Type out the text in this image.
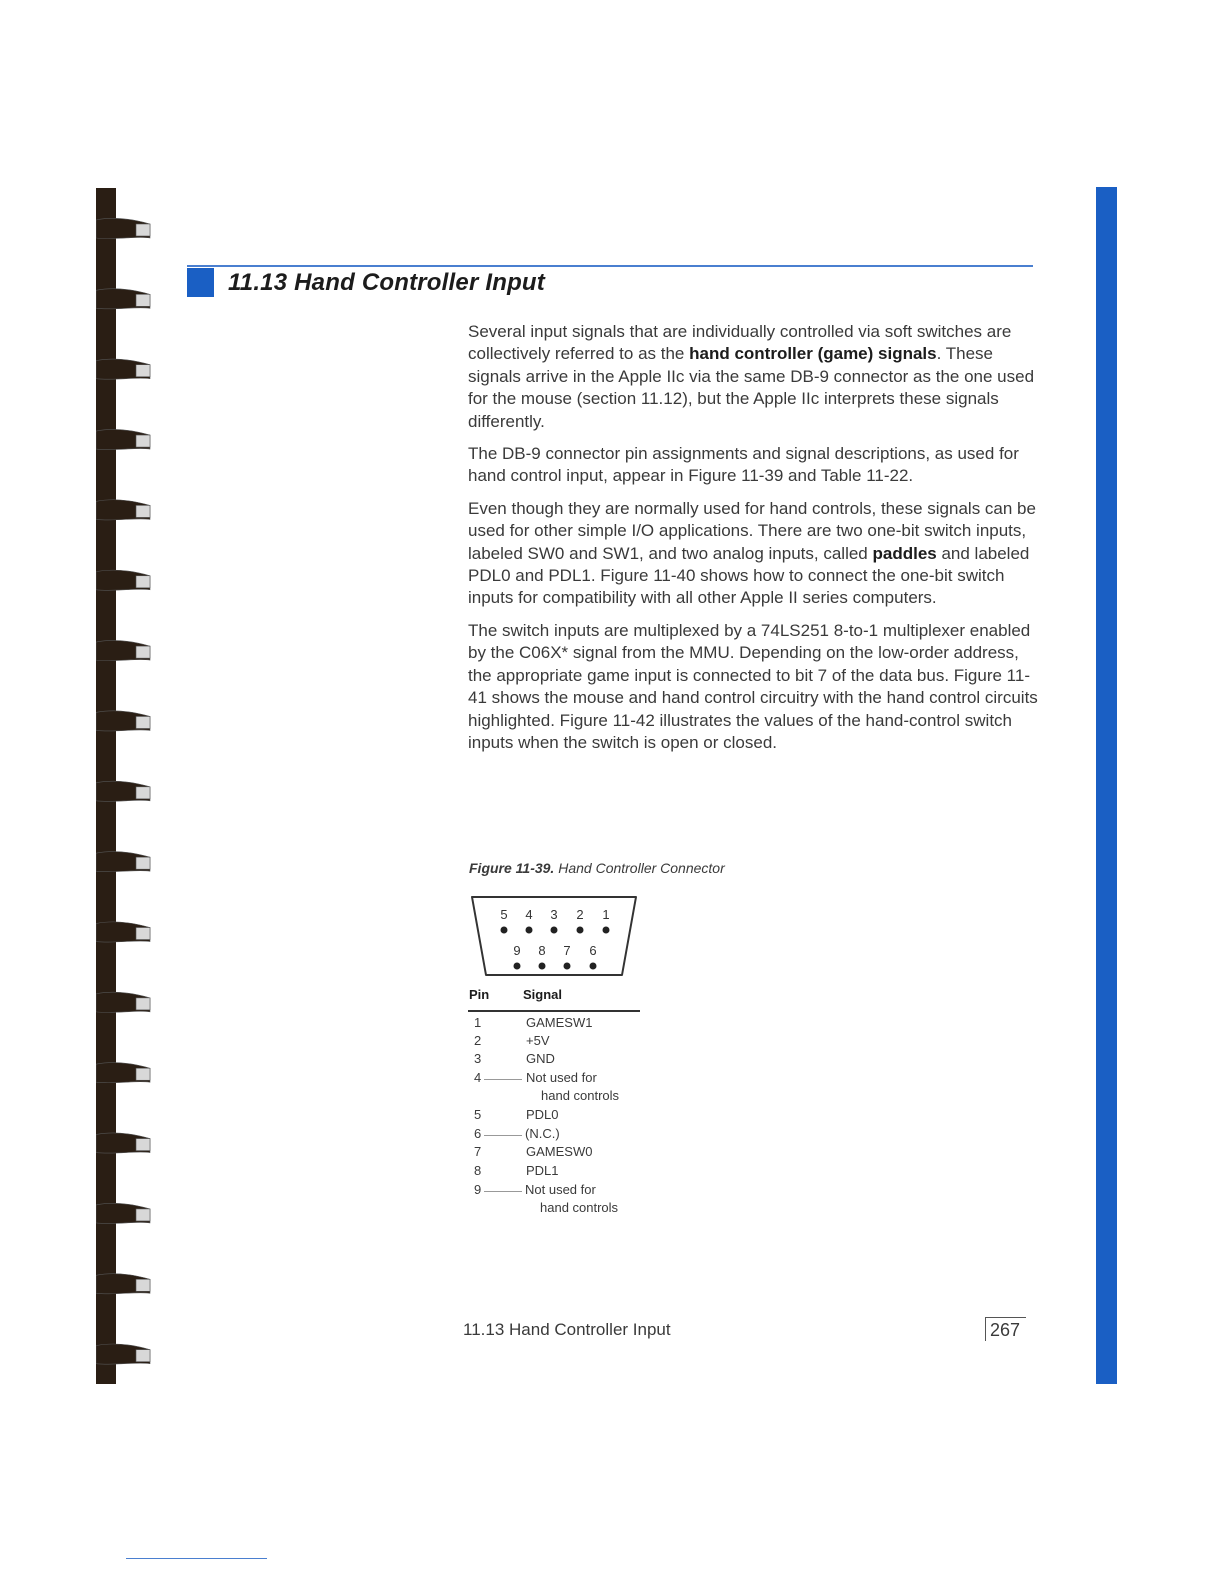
11.13 Hand Controller Input

Several input signals that are individually controlled via soft switches are collectively referred to as the hand controller (game) signals. These signals arrive in the Apple IIc via the same DB-9 connector as the one used for the mouse (section 11.12), but the Apple IIc interprets these signals differently.

The DB-9 connector pin assignments and signal descriptions, as used for hand control input, appear in Figure 11-39 and Table 11-22.

Even though they are normally used for hand controls, these signals can be used for other simple I/O applications. There are two one-bit switch inputs, labeled SW0 and SW1, and two analog inputs, called paddles and labeled PDL0 and PDL1. Figure 11-40 shows how to connect the one-bit switch inputs for compatibility with all other Apple II series computers.

The switch inputs are multiplexed by a 74LS251 8-to-1 multiplexer enabled by the C06X* signal from the MMU. Depending on the low-order address, the appropriate game input is connected to bit 7 of the data bus. Figure 11-41 shows the mouse and hand control circuitry with the hand control circuits highlighted. Figure 11-42 illustrates the values of the hand-control switch inputs when the switch is open or closed.

Figure 11-39. Hand Controller Connector

5 4 3 2 1
9 8 7 6
Pin	Signal
1	GAMESW1
2	+5V
3	GND
4	Not used for
hand controls
5	PDL0
6	(N.C.)
7	GAMESW0
8	PDL1
9	Not used for
hand controls

11.13 Hand Controller Input	267
